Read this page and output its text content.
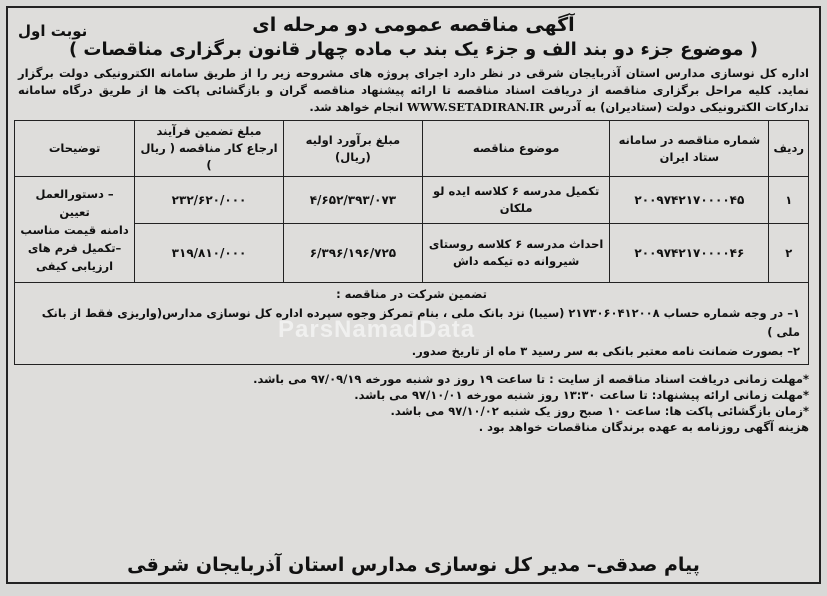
نوبت اول	آگهی مناقصه عمومی دو مرحله ای
( موضوع جزء دو بند الف و جزء یک بند ب ماده چهار قانون برگزاری مناقصات )
اداره کل نوسازی مدارس استان آذربایجان شرقی در نظر دارد اجرای پروژه های مشروحه زیر را از طریق سامانه الکترونیکی دولت برگزار نماید. کلیه مراحل برگزاری مناقصه از دریافت اسناد مناقصه تا ارائه پیشنهاد مناقصه گران و بازگشائی پاکت ها از طریق درگاه سامانه تدارکات الکترونیکی دولت (ستادیران) به آدرس WWW.SETADIRAN.IR انجام خواهد شد.
ردیف	شماره مناقصه در سامانه ستاد ایران	موضوع مناقصه	مبلغ برآورد اولیه (ریال)	مبلغ تضمین فرآیند ارجاع کار مناقصه ( ریال )	توضیحات
۱	۲۰۰۹۷۴۲۱۷۰۰۰۰۴۵	تکمیل مدرسه ۶ کلاسه ایده لو ملکان	۴/۶۵۲/۳۹۳/۰۷۳	۲۳۲/۶۲۰/۰۰۰	– دستورالعمل تعیین
دامنه قیمت مناسب
–تکمیل فرم های
ارزیابی کیفی

۲	۲۰۰۹۷۴۲۱۷۰۰۰۰۴۶	احداث مدرسه ۶ کلاسه روستای شیروانه ده تیکمه داش	۶/۳۹۶/۱۹۶/۷۲۵	۳۱۹/۸۱۰/۰۰۰	
تضمین شرکت در مناقصه :
۱– در وجه شماره حساب ۲۱۷۳۰۶۰۴۱۲۰۰۸ (سیبا) نزد بانک ملی ، بنام تمرکز وجوه سپرده اداره کل نوسازی مدارس(واریزی فقط از بانک ملی )
۲– بصورت ضمانت نامه معتبر بانکی به سر رسید ۳ ماه از تاریخ صدور.
*مهلت زمانی دریافت اسناد مناقصه از سایت : تا ساعت ۱۹ روز دو شنبه مورخه ۹۷/۰۹/۱۹ می باشد.
*مهلت زمانی ارائه پیشنهاد: تا ساعت ۱۳:۳۰ روز شنبه مورخه ۹۷/۱۰/۰۱ می باشد.
*زمان بازگشائی پاکت ها: ساعت ۱۰ صبح روز یک شنبه ۹۷/۱۰/۰۲ می باشد.
هزینه آگهی روزنامه به عهده برندگان مناقصات خواهد بود .
ParsNamadData
پیام صدقی– مدیر کل نوسازی مدارس استان آذربایجان شرقی
